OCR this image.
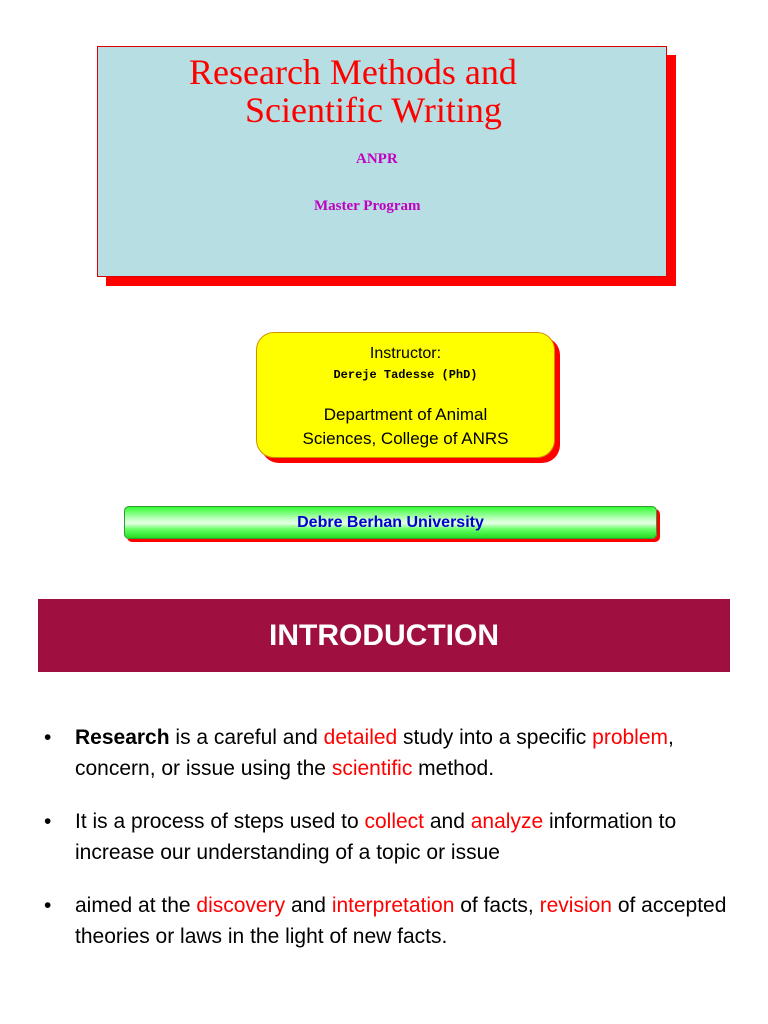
Research Methods and
Scientific Writing
ANPR
Master Program
Instructor:
Dereje Tadesse (PhD)
Department of Animal
Sciences, College of ANRS
Debre Berhan University
INTRODUCTION
• Research is a careful and detailed study into a specific problem, concern, or issue using the scientific method.
• It is a process of steps used to collect and analyze information to increase our understanding of a topic or issue
• aimed at the discovery and interpretation of facts, revision of accepted theories or laws in the light of new facts.
